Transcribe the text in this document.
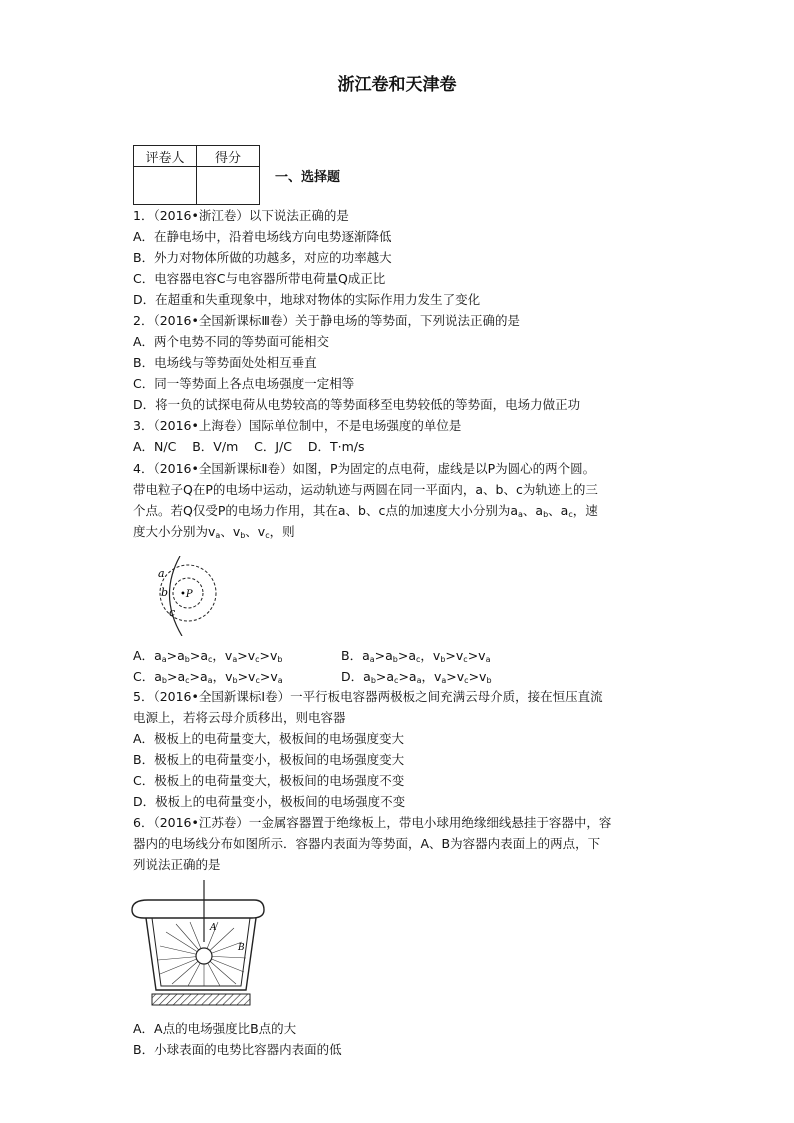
浙江卷和天津卷
评卷人	得分

一、选择题
1．（2016•浙江卷）以下说法正确的是
A．在静电场中，沿着电场线方向电势逐渐降低
B．外力对物体所做的功越多，对应的功率越大
C．电容器电容C与电容器所带电荷量Q成正比
D．在超重和失重现象中，地球对物体的实际作用力发生了变化
2．（2016•全国新课标Ⅲ卷）关于静电场的等势面，下列说法正确的是
A．两个电势不同的等势面可能相交
B．电场线与等势面处处相互垂直
C．同一等势面上各点电场强度一定相等
D．将一负的试探电荷从电势较高的等势面移至电势较低的等势面，电场力做正功
3．（2016•上海卷）国际单位制中，不是电场强度的单位是
A．N/C    B．V/m    C．J/C    D．T·m/s
4．（2016•全国新课标Ⅱ卷）如图，P为固定的点电荷，虚线是以P为圆心的两个圆。
带电粒子Q在P的电场中运动，运动轨迹与两圆在同一平面内，a、b、c为轨迹上的三
个点。若Q仅受P的电场力作用，其在a、b、c点的加速度大小分别为$a_a$、$a_b$、$a_c$，速
度大小分别为$v_a$、$v_b$、$v_c$，则
a
b
c
•P
A．$a_a>a_b>a_c$，$v_a>v_c>v_b$	B．$a_a>a_b>a_c$，$v_b>v_c>v_a$
C．$a_b>a_c>a_a$，$v_b>v_c>v_a$	D．$a_b>a_c>a_a$，$v_a>v_c>v_b$
5．（2016•全国新课标Ⅰ卷）一平行板电容器两极板之间充满云母介质，接在恒压直流
电源上，若将云母介质移出，则电容器
A．极板上的电荷量变大，极板间的电场强度变大
B．极板上的电荷量变小，极板间的电场强度变大
C．极板上的电荷量变大，极板间的电场强度不变
D．极板上的电荷量变小，极板间的电场强度不变
6．（2016•江苏卷）一金属容器置于绝缘板上，带电小球用绝缘细线悬挂于容器中，容
器内的电场线分布如图所示．容器内表面为等势面，A、B为容器内表面上的两点，下
列说法正确的是
A
B
A．A点的电场强度比B点的大
B．小球表面的电势比容器内表面的低
